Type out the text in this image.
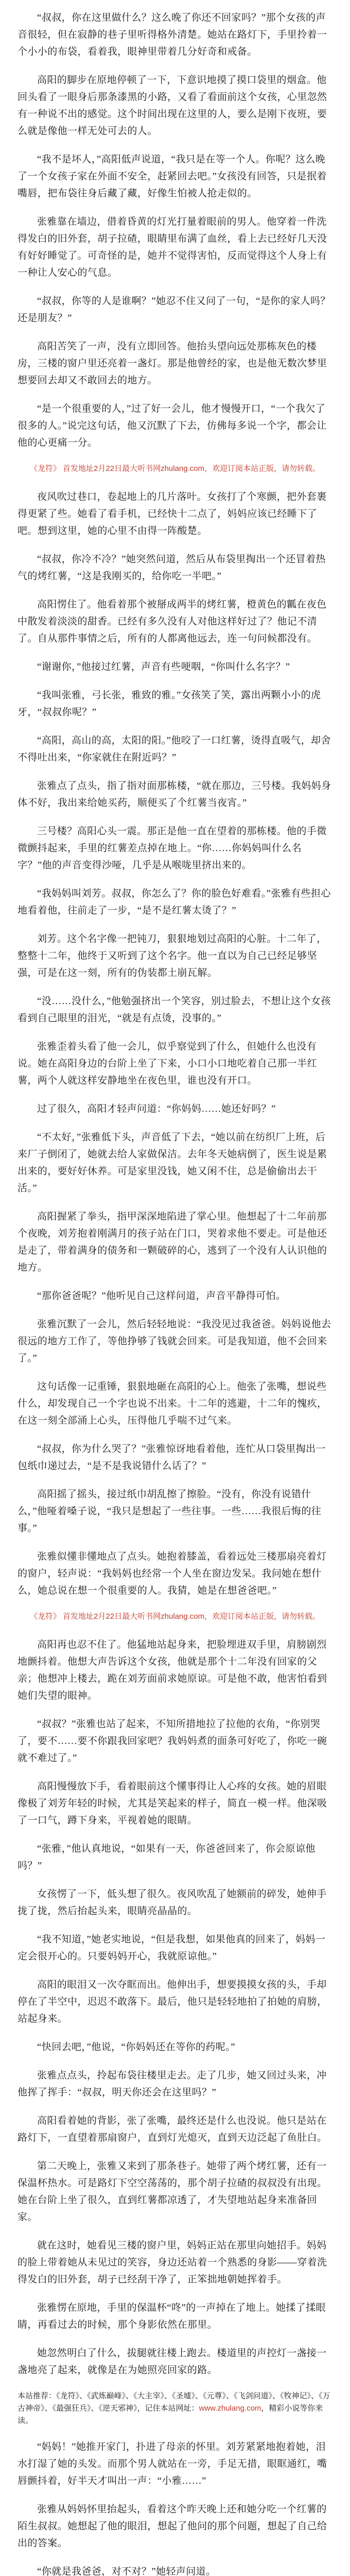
“叔叔，你在这里做什么？这么晚了你还不回家吗？”那个女孩的声音很轻，但在寂静的巷子里听得格外清楚。她站在路灯下，手里拎着一个小小的布袋，看着我，眼神里带着几分好奇和戒备。

高阳的脚步在原地停顿了一下，下意识地摸了摸口袋里的烟盒。他回头看了一眼身后那条漆黑的小路，又看了看面前这个女孩，心里忽然有一种说不出的感觉。这个时间出现在这里的人，要么是刚下夜班，要么就是像他一样无处可去的人。

“我不是坏人，”高阳低声说道，“我只是在等一个人。你呢？这么晚了一个女孩子家在外面不安全，赶紧回去吧。”女孩没有回答，只是抿着嘴唇，把布袋往身后藏了藏，好像生怕被人抢走似的。

张雅靠在墙边，借着昏黄的灯光打量着眼前的男人。他穿着一件洗得发白的旧外套，胡子拉碴，眼睛里布满了血丝，看上去已经好几天没有好好睡觉了。可奇怪的是，她并不觉得害怕，反而觉得这个人身上有一种让人安心的气息。

“叔叔，你等的人是谁啊？”她忍不住又问了一句，“是你的家人吗？还是朋友？”

高阳苦笑了一声，没有立即回答。他抬头望向远处那栋灰色的楼房，三楼的窗户里还亮着一盏灯。那是他曾经的家，也是他无数次梦里想要回去却又不敢回去的地方。

“是一个很重要的人，”过了好一会儿，他才慢慢开口，“一个我欠了很多的人。”说完这句话，他又沉默了下去，仿佛每多说一个字，都会让他的心更痛一分。

《龙符》 首发地址2月22日最大听书网zhulang.com，欢迎订阅本站正版，请勿转载。

夜风吹过巷口，卷起地上的几片落叶。女孩打了个寒颤，把外套裹得更紧了些。她看了看手机，已经快十二点了，妈妈应该已经睡下了吧。想到这里，她的心里不由得一阵酸楚。

“叔叔，你冷不冷？”她突然问道，然后从布袋里掏出一个还冒着热气的烤红薯，“这是我刚买的，给你吃一半吧。”

高阳愣住了。他看着那个被掰成两半的烤红薯，橙黄色的瓤在夜色中散发着淡淡的甜香。已经有多久没有人对他这样好过了？他记不清了。自从那件事情之后，所有的人都离他远去，连一句问候都没有。

“谢谢你，”他接过红薯，声音有些哽咽，“你叫什么名字？”

“我叫张雅，弓长张，雅致的雅。”女孩笑了笑，露出两颗小小的虎牙，“叔叔你呢？”

“高阳，高山的高，太阳的阳。”他咬了一口红薯，烫得直吸气，却舍不得吐出来，“你家就住在附近吗？”

张雅点了点头，指了指对面那栋楼，“就在那边，三号楼。我妈妈身体不好，我出来给她买药，顺便买了个红薯当夜宵。”

三号楼？高阳心头一震。那正是他一直在望着的那栋楼。他的手微微颤抖起来，手里的红薯差点掉在地上。“你……你妈妈叫什么名字？”他的声音变得沙哑，几乎是从喉咙里挤出来的。

“我妈妈叫刘芳。叔叔，你怎么了？你的脸色好难看。”张雅有些担心地看着他，往前走了一步，“是不是红薯太烫了？”

刘芳。这个名字像一把钝刀，狠狠地划过高阳的心脏。十二年了，整整十二年，他终于又听到了这个名字。他一直以为自己已经足够坚强，可是在这一刻，所有的伪装都土崩瓦解。

“没……没什么，”他勉强挤出一个笑容，别过脸去，不想让这个女孩看到自己眼里的泪光，“就是有点烫，没事的。”

张雅歪着头看了他一会儿，似乎察觉到了什么，但她什么也没有说。她在高阳身边的台阶上坐了下来，小口小口地吃着自己那一半红薯，两个人就这样安静地坐在夜色里，谁也没有开口。

过了很久，高阳才轻声问道：“你妈妈……她还好吗？”

“不太好，”张雅低下头，声音低了下去，“她以前在纺织厂上班，后来厂子倒闭了，她就去给人家做保洁。去年冬天她病倒了，医生说是累出来的，要好好休养。可是家里没钱，她又闲不住，总是偷偷出去干活。”

高阳握紧了拳头，指甲深深地陷进了掌心里。他想起了十二年前那个夜晚，刘芳抱着刚满月的孩子站在门口，哭着求他不要走。可是他还是走了，带着满身的债务和一颗破碎的心，逃到了一个没有人认识他的地方。

“那你爸爸呢？”他听见自己这样问道，声音平静得可怕。

张雅沉默了一会儿，然后轻轻地说：“我没见过我爸爸。妈妈说他去很远的地方工作了，等他挣够了钱就会回来。可是我知道，他不会回来了。”

这句话像一记重锤，狠狠地砸在高阳的心上。他张了张嘴，想说些什么，却发现自己一个字也说不出来。十二年的逃避，十二年的愧疚，在这一刻全部涌上心头，压得他几乎喘不过气来。

“叔叔，你为什么哭了？”张雅惊讶地看着他，连忙从口袋里掏出一包纸巾递过去，“是不是我说错什么话了？”

高阳摇了摇头，接过纸巾胡乱擦了擦脸。“没有，你没有说错什么，”他哑着嗓子说，“我只是想起了一些往事。一些……我很后悔的往事。”

张雅似懂非懂地点了点头。她抱着膝盖，看着远处三楼那扇亮着灯的窗户，轻声说：“我妈妈也经常一个人坐在窗边发呆。我问她在想什么，她总说在想一个很重要的人。我猜，她是在想爸爸吧。”

《龙符》 首发地址2月22日最大听书网zhulang.com，欢迎订阅本站正版，请勿转载。

高阳再也忍不住了。他猛地站起身来，把脸埋进双手里，肩膀剧烈地颤抖着。他想大声告诉这个女孩，他就是那个十二年没有回家的父亲；他想冲上楼去，跪在刘芳面前求她原谅。可是他不敢，他害怕看到她们失望的眼神。

“叔叔？”张雅也站了起来，不知所措地拉了拉他的衣角，“你别哭了，要不……要不你跟我回家吧？我妈妈煮的面条可好吃了，你吃一碗就不难过了。”

高阳慢慢放下手，看着眼前这个懂事得让人心疼的女孩。她的眉眼像极了刘芳年轻的时候，尤其是笑起来的样子，简直一模一样。他深吸了一口气，蹲下身来，平视着她的眼睛。

“张雅，”他认真地说，“如果有一天，你爸爸回来了，你会原谅他吗？”

女孩愣了一下，低头想了很久。夜风吹乱了她额前的碎发，她伸手拢了拢，然后抬起头来，眼睛亮晶晶的。

“我不知道，”她老实地说，“但是我想，如果他真的回来了，妈妈一定会很开心的。只要妈妈开心，我就原谅他。”

高阳的眼泪又一次夺眶而出。他伸出手，想要摸摸女孩的头，手却停在了半空中，迟迟不敢落下。最后，他只是轻轻地拍了拍她的肩膀，站起身来。

“快回去吧，”他说，“你妈妈还在等你的药呢。”

张雅点点头，拎起布袋往楼里走去。走了几步，她又回过头来，冲他挥了挥手：“叔叔，明天你还会在这里吗？”

高阳看着她的背影，张了张嘴，最终还是什么也没说。他只是站在路灯下，一直望着那扇窗户，直到灯光熄灭，直到天边泛起了鱼肚白。

第二天晚上，张雅又来到了那条巷子。她带了两个烤红薯，还有一保温杯热水。可是路灯下空空荡荡的，那个胡子拉碴的叔叔没有出现。她在台阶上坐了很久，直到红薯都凉透了，才失望地站起身来准备回家。

就在这时，她看见三楼的窗户里，妈妈正站在那里向她招手。妈妈的脸上带着她从未见过的笑容，身边还站着一个熟悉的身影——穿着洗得发白的旧外套，胡子已经刮干净了，正笨拙地朝她挥着手。

张雅愣在原地，手里的保温杯“咚”的一声掉在了地上。她揉了揉眼睛，再看过去的时候，那个身影依然在那里。

她忽然明白了什么，拔腿就往楼上跑去。楼道里的声控灯一盏接一盏地亮了起来，就像是在为她照亮回家的路。

本站推荐：《龙符》、《武炼巅峰》、《大主宰》、《圣墟》、《元尊》、《飞剑问道》、《牧神记》、《万古神帝》、《最强狂兵》、《逆天邪神》，记住本站网址：www.zhulang.com，精彩小说等你来读。

“妈妈！”她推开家门，扑进了母亲的怀里。刘芳紧紧地抱着她，泪水打湿了她的头发。而那个男人就站在一旁，手足无措，眼眶通红，嘴唇颤抖着，好半天才叫出一声：“小雅……”

张雅从妈妈怀里抬起头，看着这个昨天晚上还和她分吃一个红薯的陌生叔叔。她想起了他的眼泪，想起了他问的那个问题，想起了自己给出的答案。

“你就是我爸爸，对不对？”她轻声问道。
